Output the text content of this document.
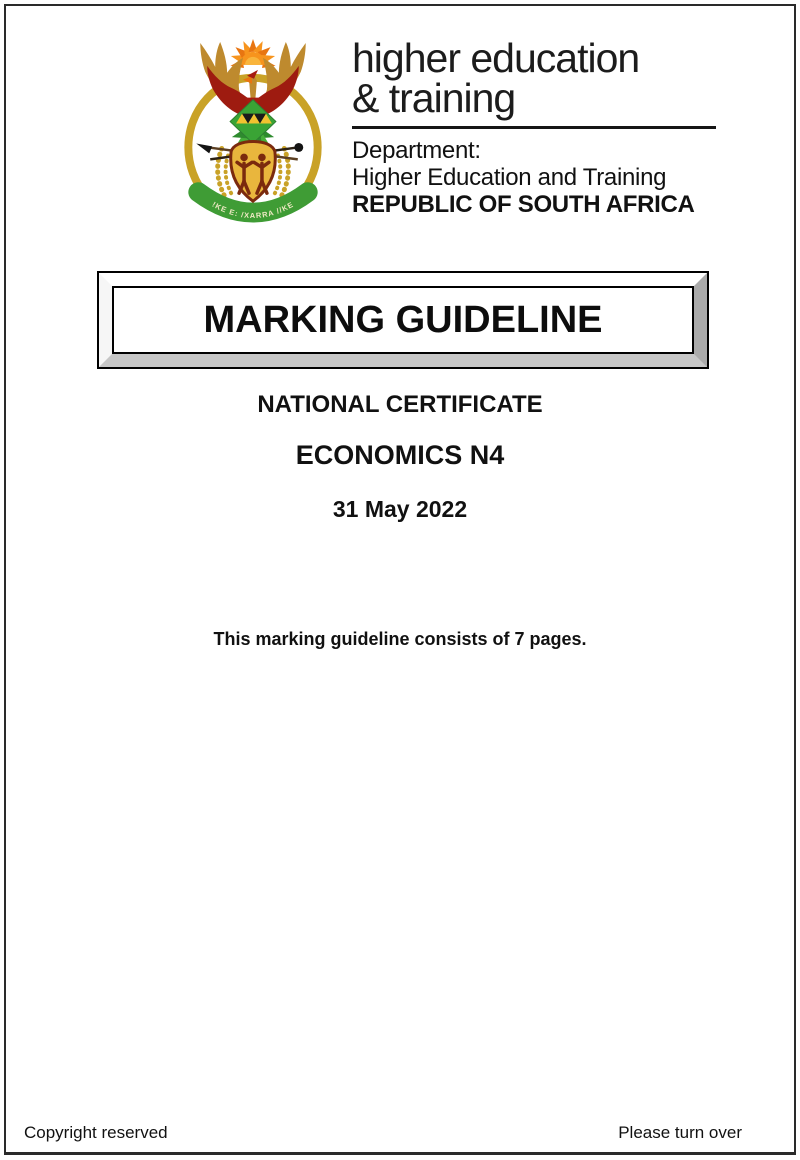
!KE E: /XARRA //KE
higher education
& training
Department:
Higher Education and Training
REPUBLIC OF SOUTH AFRICA
MARKING GUIDELINE
NATIONAL CERTIFICATE
ECONOMICS N4
31 May 2022

This marking guideline consists of 7 pages.

Copyright reserved	Please turn over
